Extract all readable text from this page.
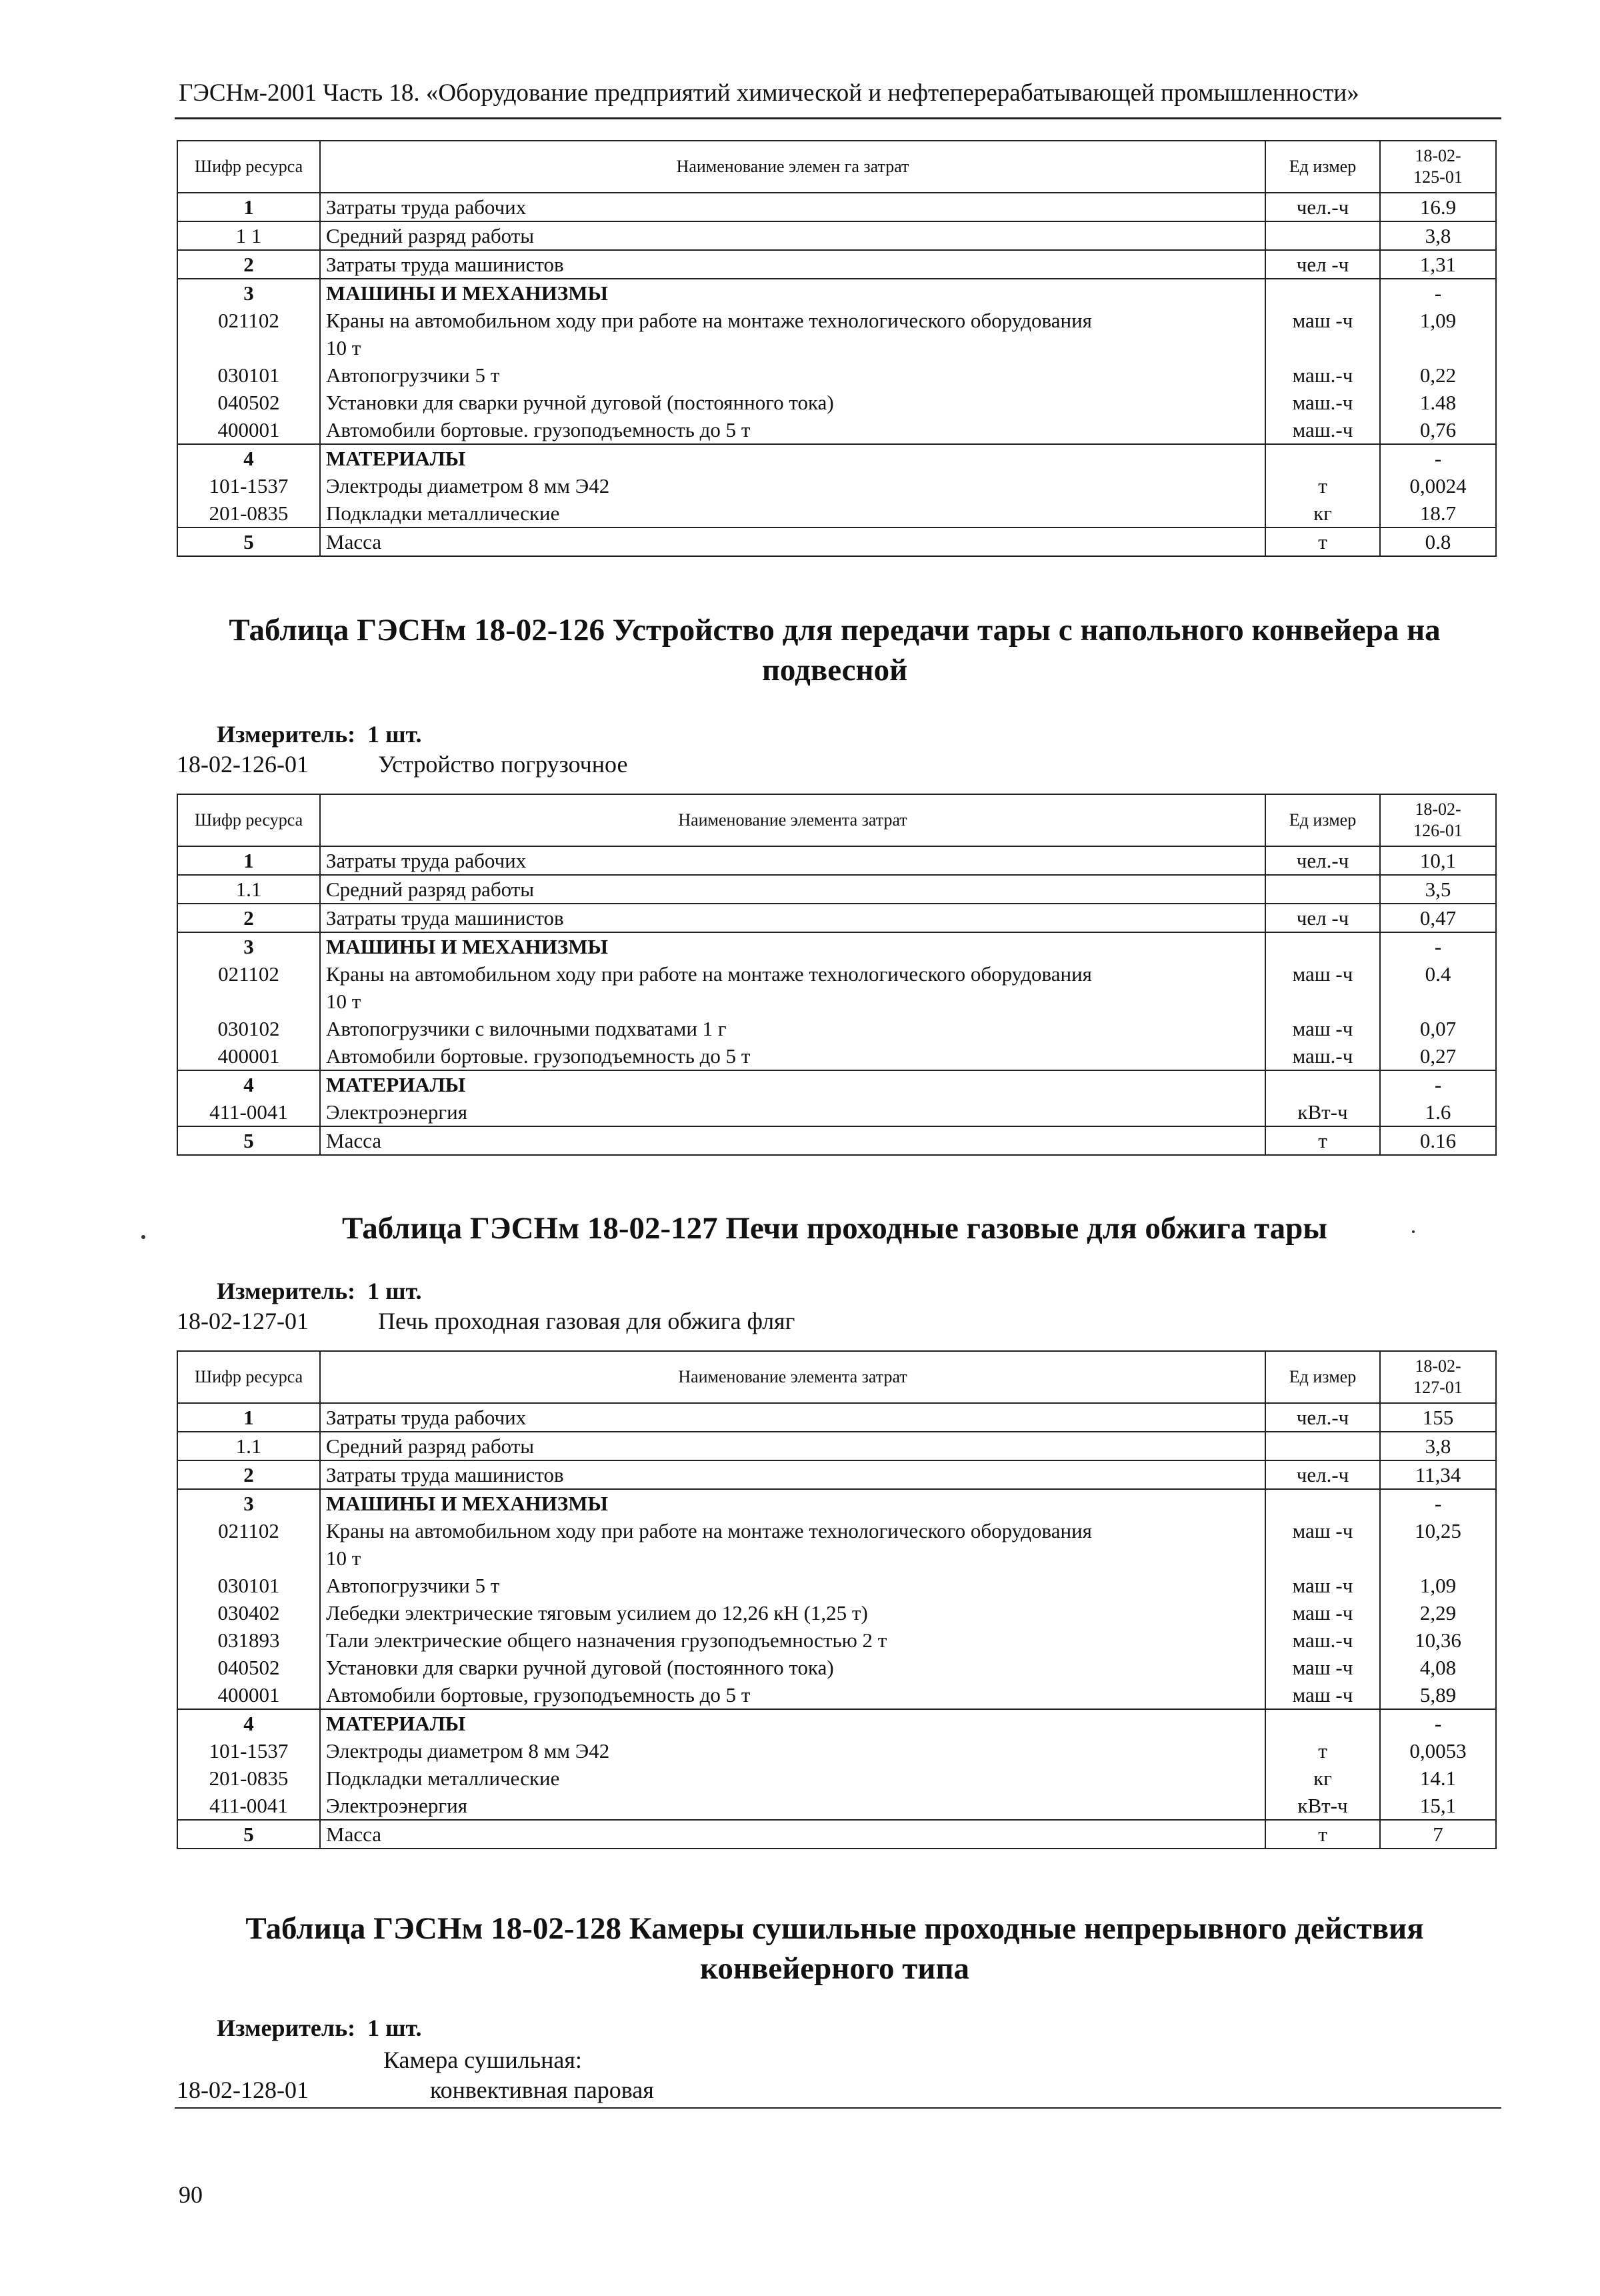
ГЭСНм-2001 Часть 18. «Оборудование предприятий химической и нефтеперерабатывающей промышленности»
Шифр ресурса	Наименование элемен га затрат	Ед измер	18-02-
125-01
1	Затраты труда рабочих	чел.-ч	16.9
1 1	Средний разряд работы		3,8
2	Затраты труда машинистов	чел -ч	1,31
3	МАШИНЫ И МЕХАНИЗМЫ		-
021102	Краны на автомобильном ходу при работе на монтаже технологического оборудования
10 т	маш -ч	1,09
030101	Автопогрузчики 5 т	маш.-ч	0,22
040502	Установки для сварки ручной дуговой (постоянного тока)	маш.-ч	1.48
400001	Автомобили бортовые. грузоподъемность до 5 т	маш.-ч	0,76
4	МАТЕРИАЛЫ		-
101-1537	Электроды диаметром 8 мм Э42	т	0,0024
201-0835	Подкладки металлические	кг	18.7
5	Масса	т	0.8
Таблица ГЭСНм 18-02-126 Устройство для передачи тары с напольного конвейера на
подвесной
Измеритель: 1 шт.
18-02-126-01	Устройство погрузочное
Шифр ресурса	Наименование элемента затрат	Ед измер	18-02-
126-01
1	Затраты труда рабочих	чел.-ч	10,1
1.1	Средний разряд работы		3,5
2	Затраты труда машинистов	чел -ч	0,47
3	МАШИНЫ И МЕХАНИЗМЫ		-
021102	Краны на автомобильном ходу при работе на монтаже технологического оборудования
10 т	маш -ч	0.4
030102	Автопогрузчики с вилочными подхватами 1 г	маш -ч	0,07
400001	Автомобили бортовые. грузоподъемность до 5 т	маш.-ч	0,27
4	МАТЕРИАЛЫ		-
411-0041	Электроэнергия	кВт-ч	1.6
5	Масса	т	0.16
Таблица ГЭСНм 18-02-127 Печи проходные газовые для обжига тары
Измеритель: 1 шт.
18-02-127-01	Печь проходная газовая для обжига фляг
Шифр ресурса	Наименование элемента затрат	Ед измер	18-02-
127-01
1	Затраты труда рабочих	чел.-ч	155
1.1	Средний разряд работы		3,8
2	Затраты труда машинистов	чел.-ч	11,34
3	МАШИНЫ И МЕХАНИЗМЫ		-
021102	Краны на автомобильном ходу при работе на монтаже технологического оборудования
10 т	маш -ч	10,25
030101	Автопогрузчики 5 т	маш -ч	1,09
030402	Лебедки электрические тяговым усилием до 12,26 кН (1,25 т)	маш -ч	2,29
031893	Тали электрические общего назначения грузоподъемностью 2 т	маш.-ч	10,36
040502	Установки для сварки ручной дуговой (постоянного тока)	маш -ч	4,08
400001	Автомобили бортовые, грузоподъемность до 5 т	маш -ч	5,89
4	МАТЕРИАЛЫ		-
101-1537	Электроды диаметром 8 мм Э42	т	0,0053
201-0835	Подкладки металлические	кг	14.1
411-0041	Электроэнергия	кВт-ч	15,1
5	Масса	т	7
Таблица ГЭСНм 18-02-128 Камеры сушильные проходные непрерывного действия
конвейерного типа
Измеритель: 1 шт.
Камера сушильная:
18-02-128-01	конвективная паровая
90
